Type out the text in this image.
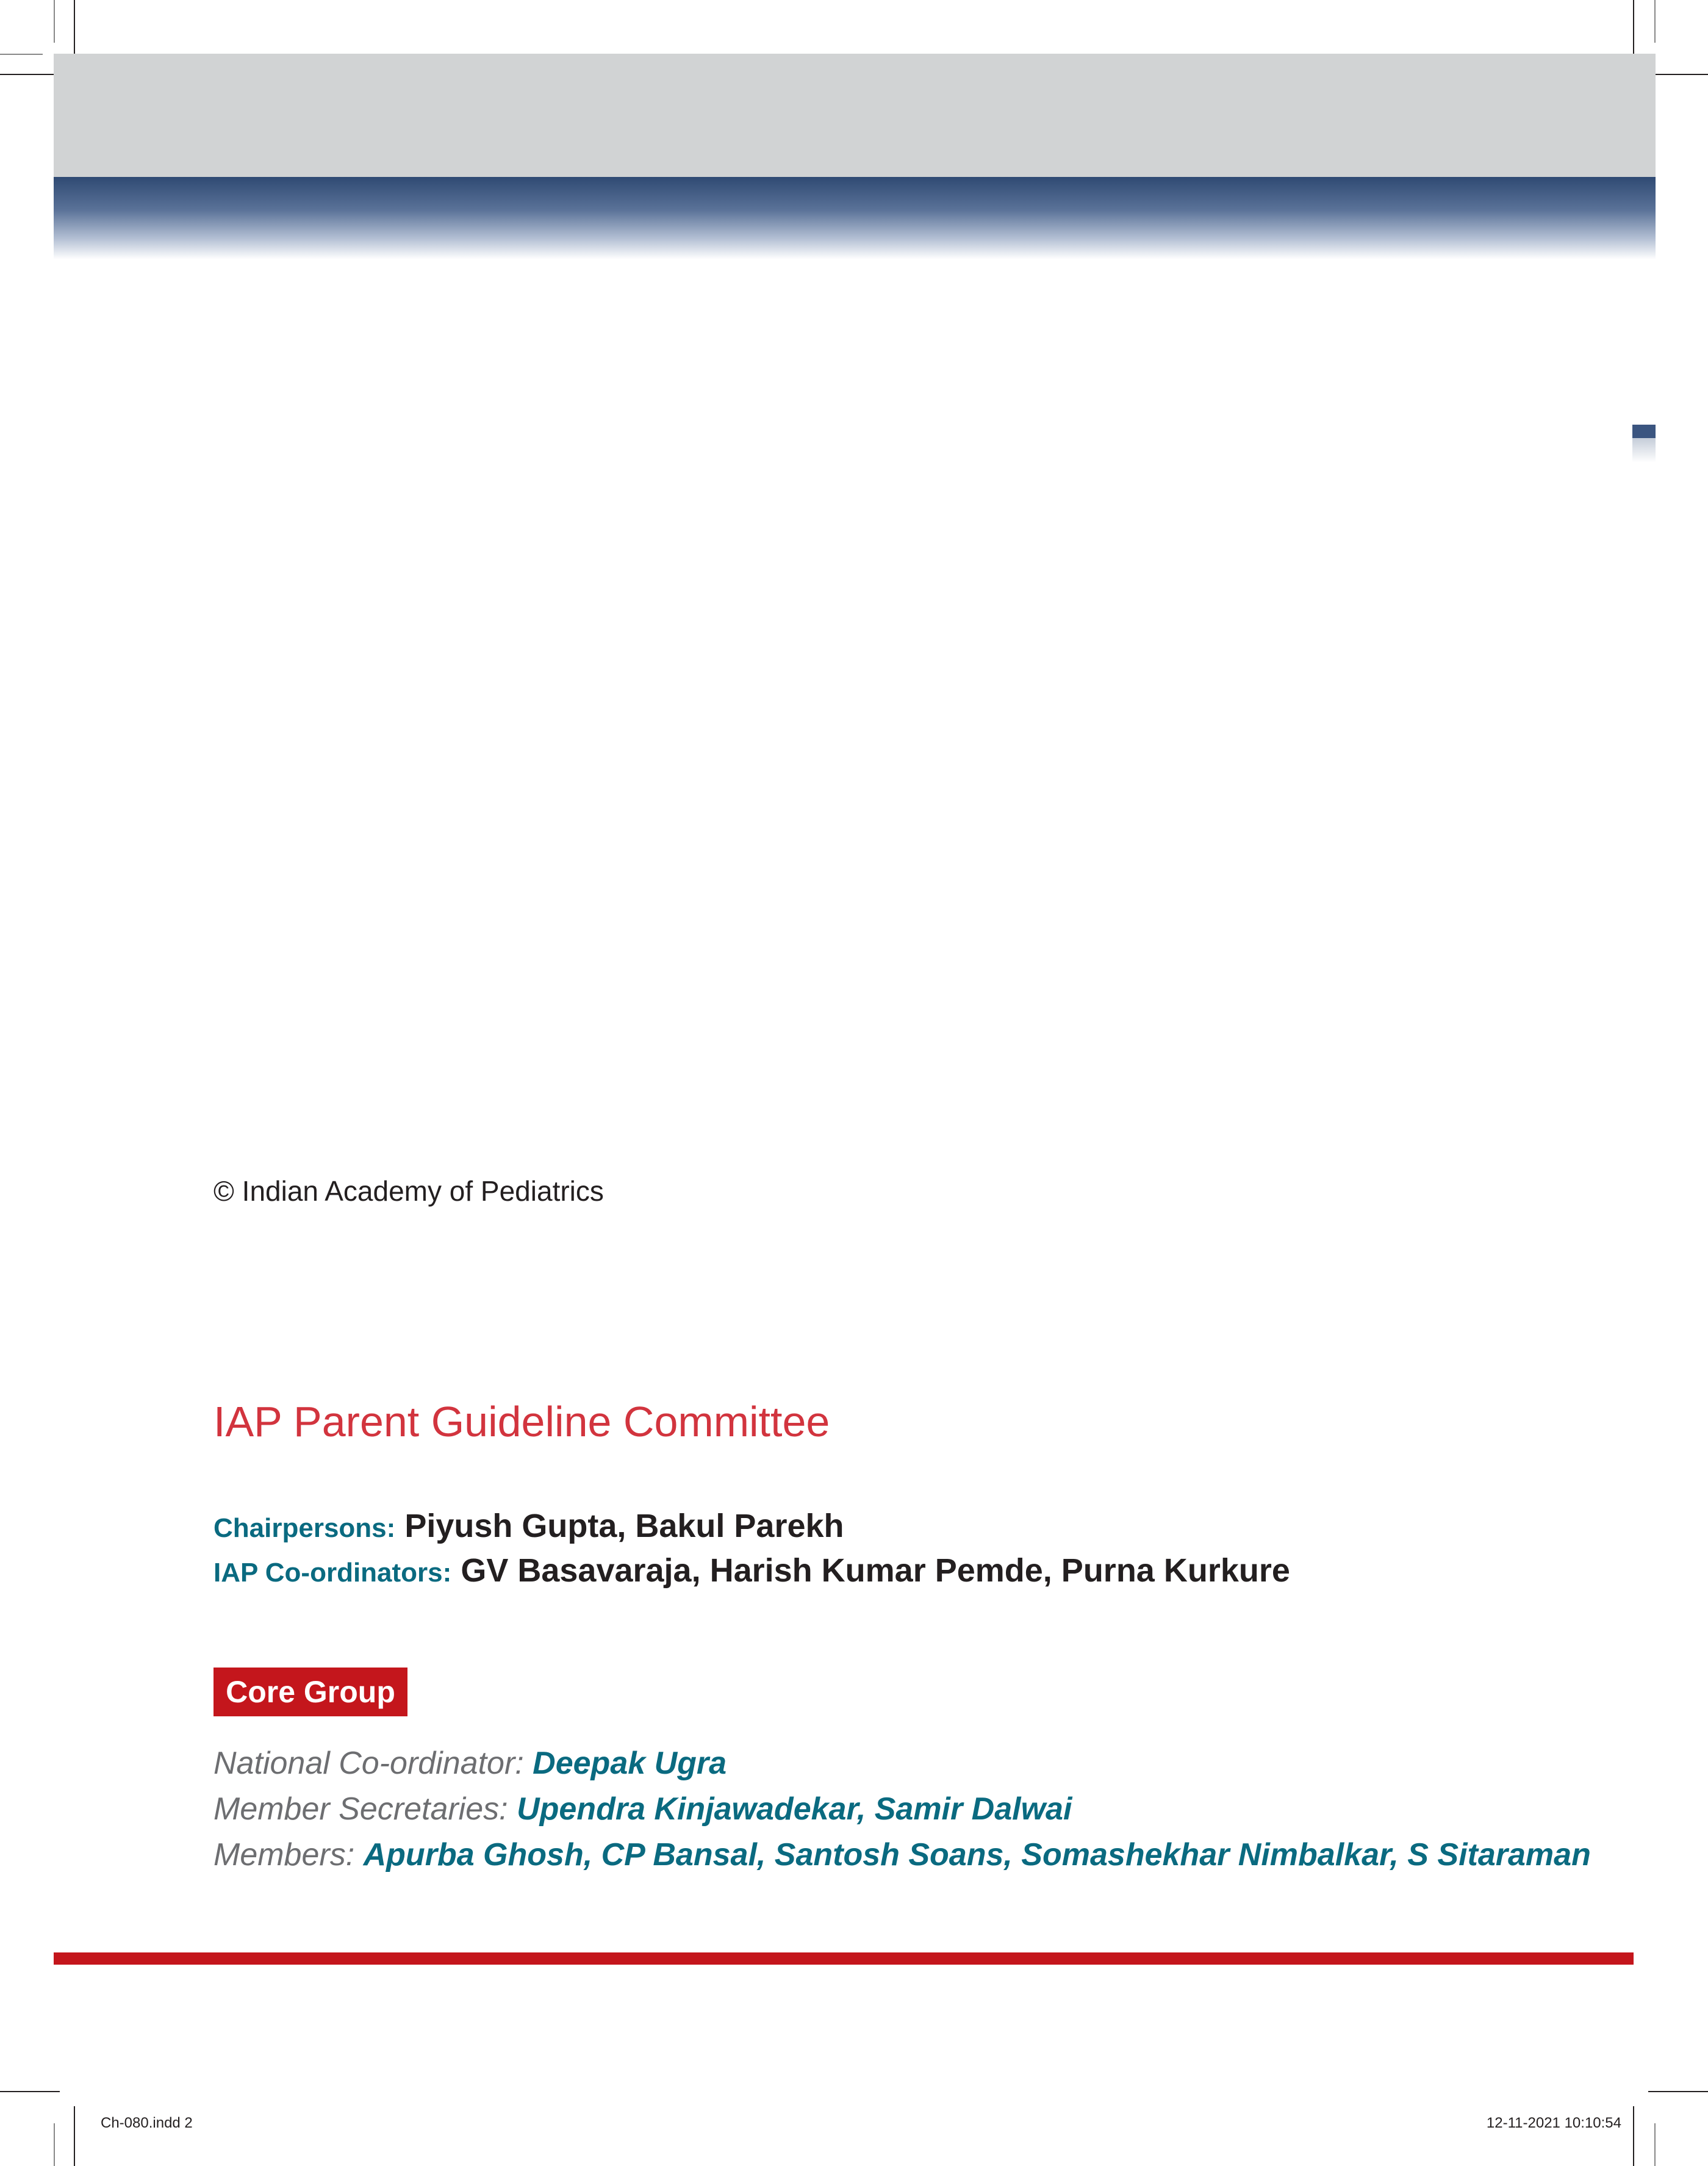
© Indian Academy of Pediatrics
IAP Parent Guideline Committee
Chairpersons: Piyush Gupta, Bakul Parekh
IAP Co-ordinators: GV Basavaraja, Harish Kumar Pemde, Purna Kurkure
Core Group
National Co-ordinator: Deepak Ugra
Member Secretaries: Upendra Kinjawadekar, Samir Dalwai
Members: Apurba Ghosh, CP Bansal, Santosh Soans, Somashekhar Nimbalkar, S Sitaraman
Ch-080.indd 2	12-11-2021 10:10:54
